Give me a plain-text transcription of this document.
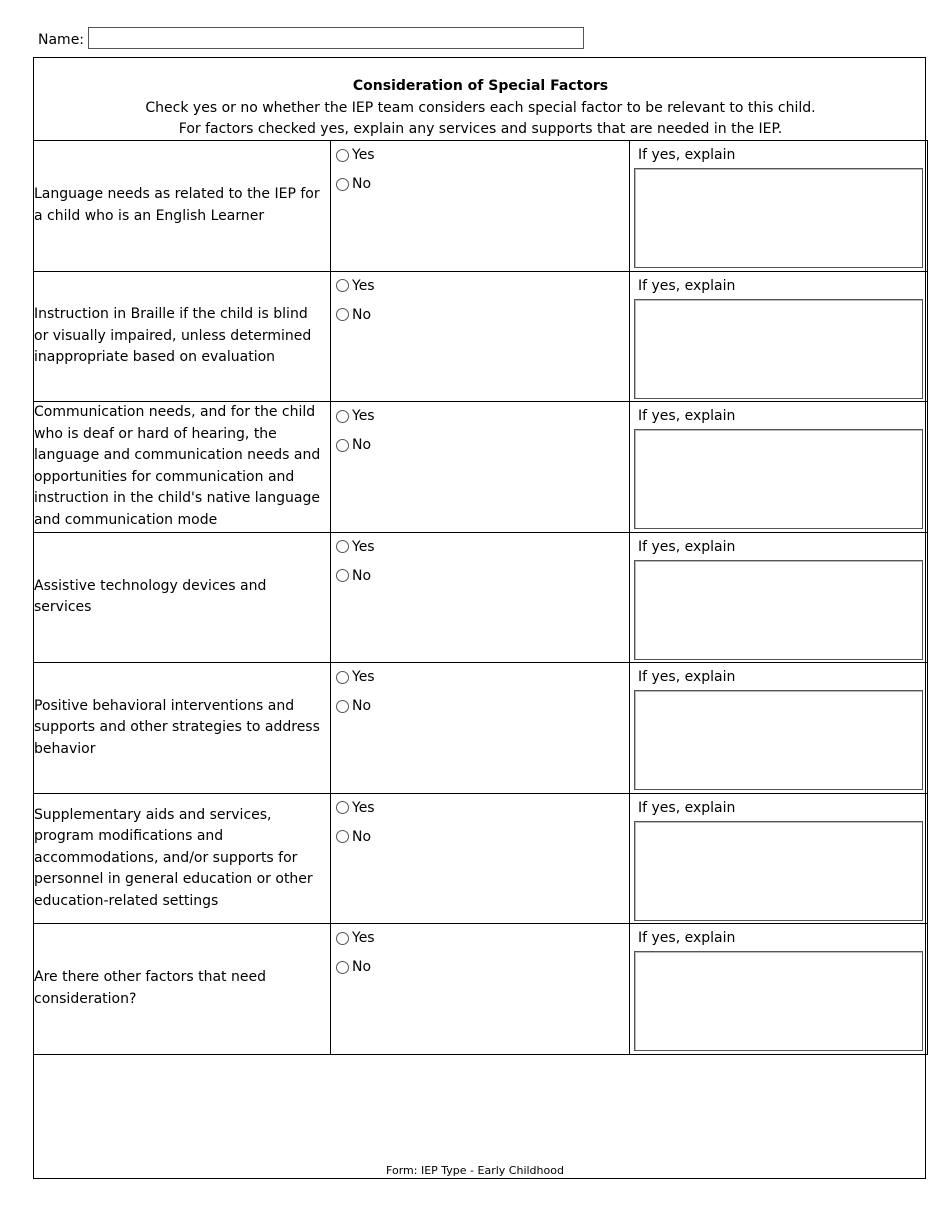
Name:
Consideration of Special Factors
Check yes or no whether the IEP team considers each special factor to be relevant to this child.
For factors checked yes, explain any services and supports that are needed in the IEP.
Language needs as related to the IEP for a child who is an English Learner
Yes
No
If yes, explain
Instruction in Braille if the child is blind or visually impaired, unless determined inappropriate based on evaluation
Yes
No
If yes, explain
Communication needs, and for the child who is deaf or hard of hearing, the language and communication needs and opportunities for communication and instruction in the child's native language and communication mode
Yes
No
If yes, explain
Assistive technology devices and services
Yes
No
If yes, explain
Positive behavioral interventions and supports and other strategies to address behavior
Yes
No
If yes, explain
Supplementary aids and services, program modifications and accommodations, and/or supports for personnel in general education or other education-related settings
Yes
No
If yes, explain
Are there other factors that need consideration?
Yes
No
If yes, explain
Form: IEP Type - Early Childhood
